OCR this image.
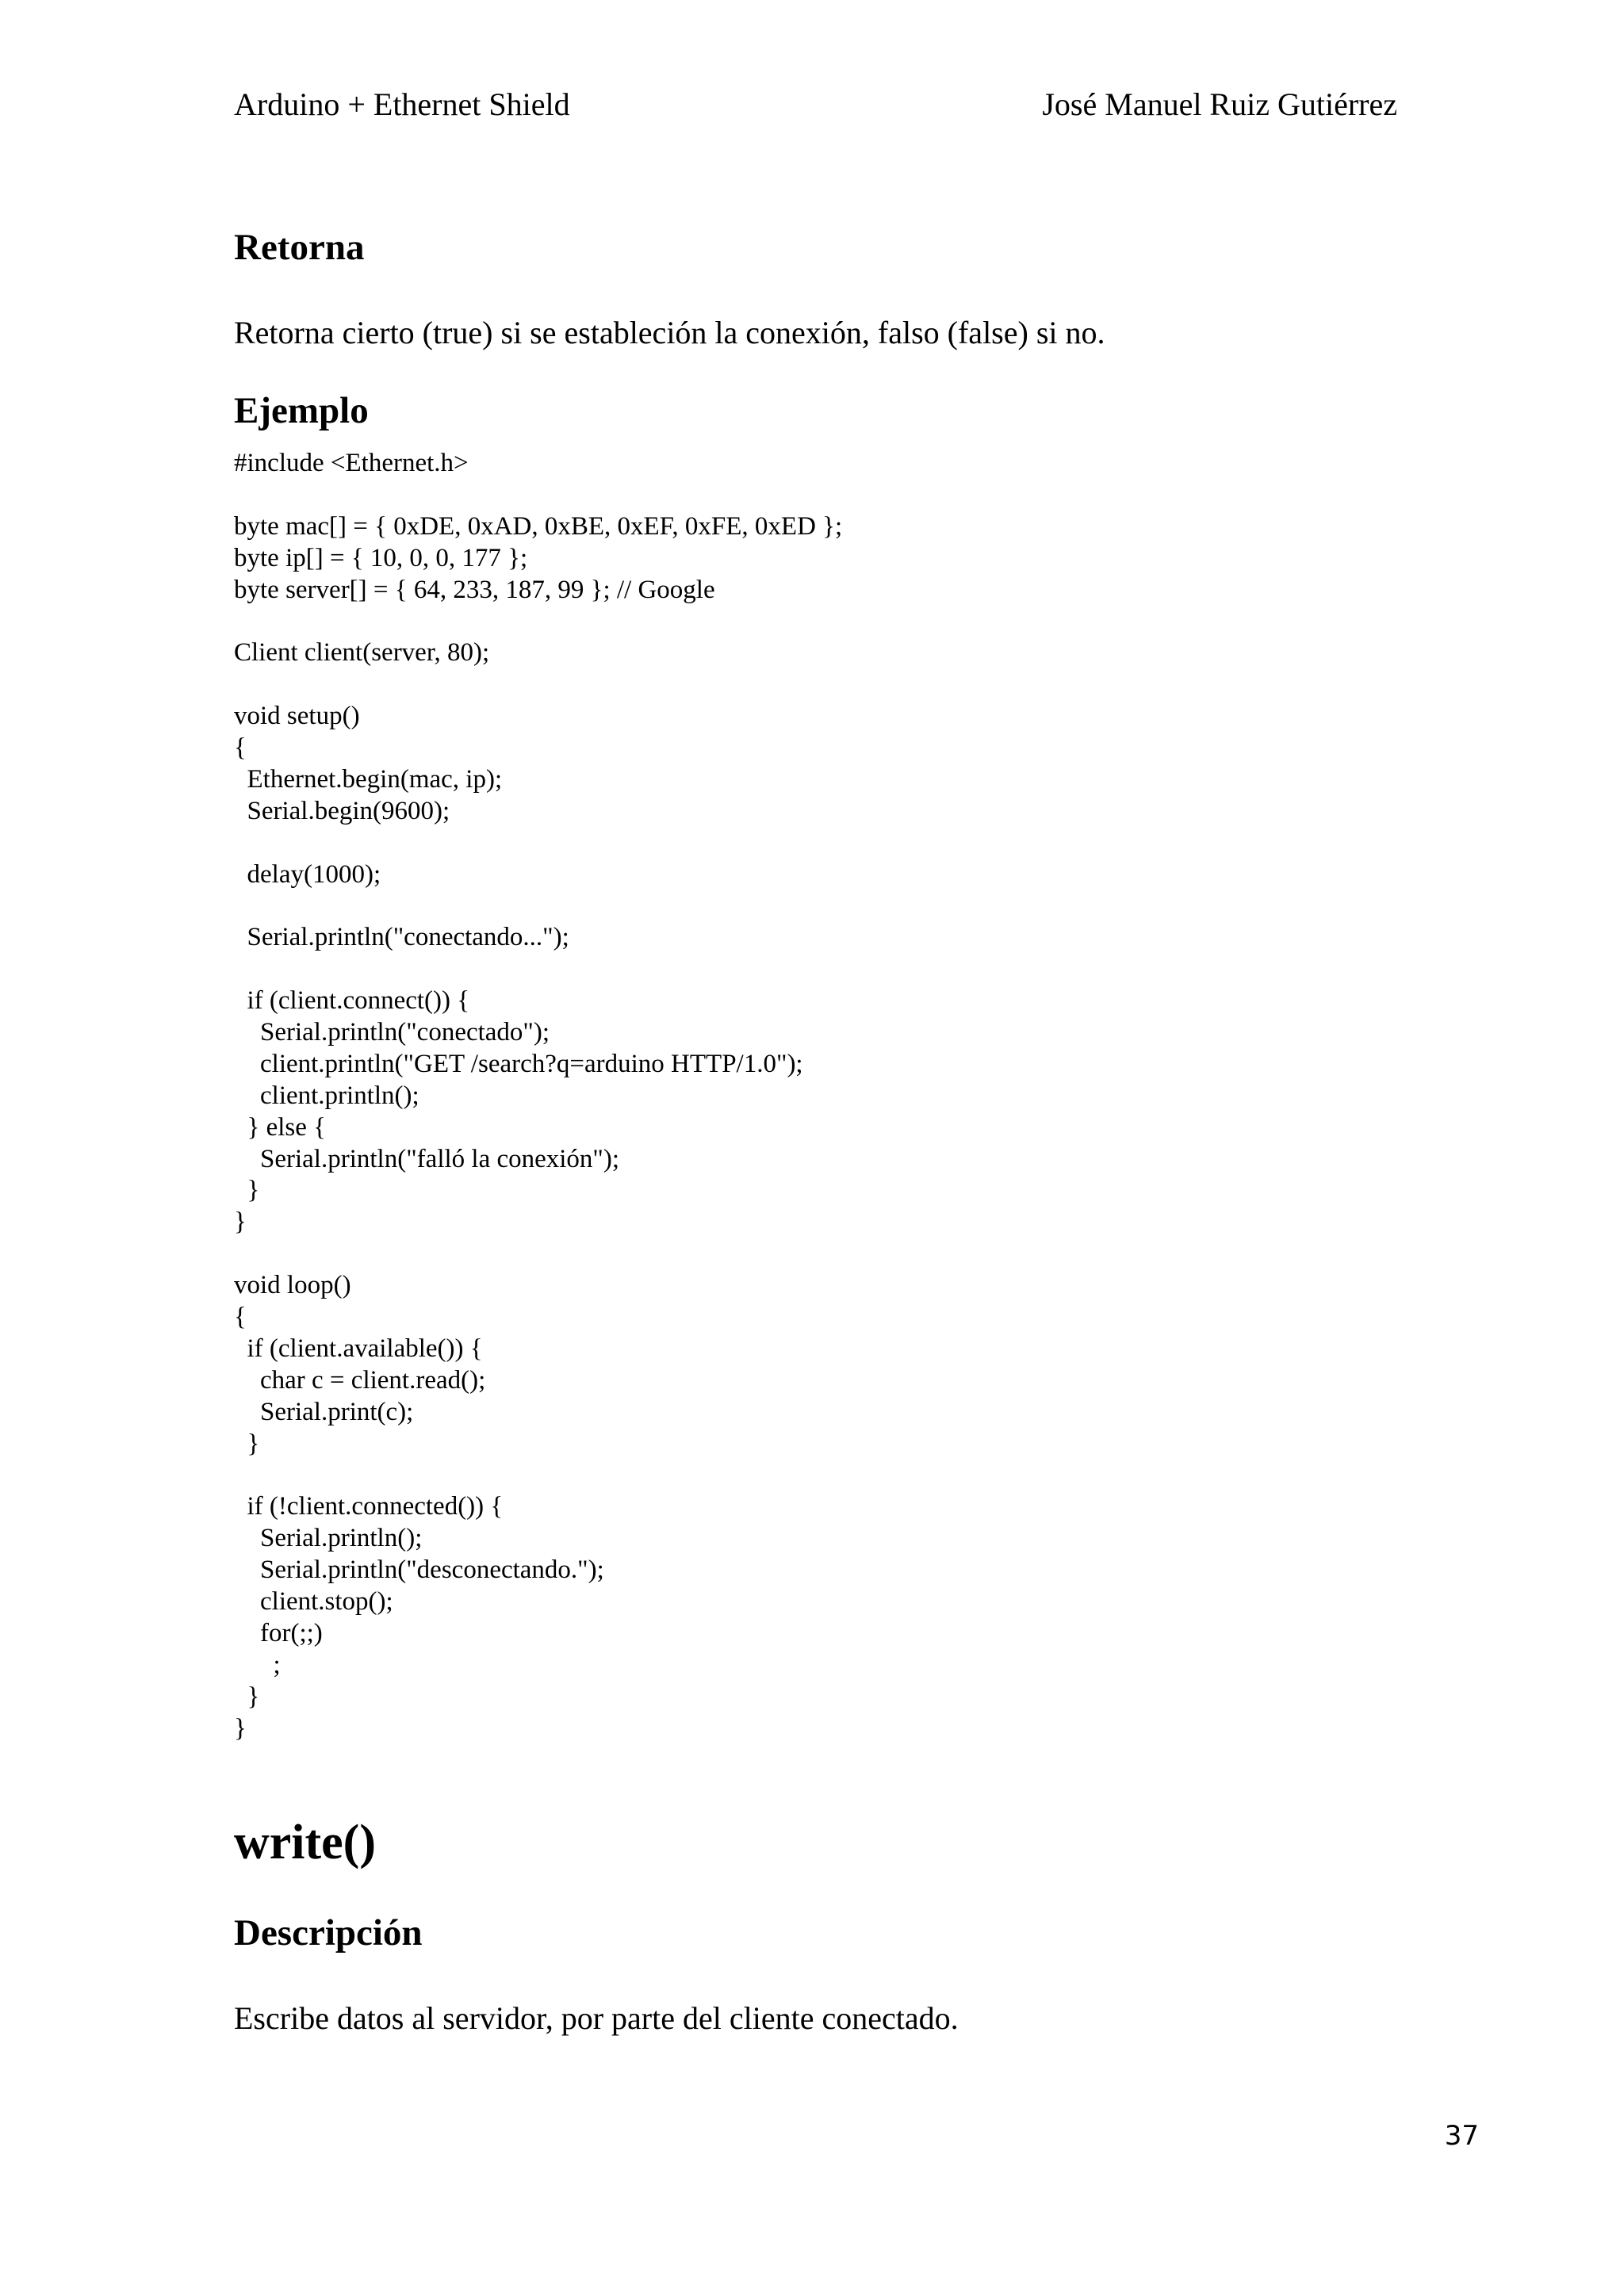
Arduino + Ethernet Shield	José Manuel Ruiz Gutiérrez
Retorna
Retorna cierto (true) si se estableción la conexión, falso (false) si no.
Ejemplo
#include <Ethernet.h>

byte mac[] = { 0xDE, 0xAD, 0xBE, 0xEF, 0xFE, 0xED };
byte ip[] = { 10, 0, 0, 177 };
byte server[] = { 64, 233, 187, 99 }; // Google

Client client(server, 80);

void setup()
{
Ethernet.begin(mac, ip);
Serial.begin(9600);

delay(1000);

Serial.println("conectando...");

if (client.connect()) {
Serial.println("conectado");
client.println("GET /search?q=arduino HTTP/1.0");
client.println();
} else {
Serial.println("falló la conexión");
}
}

void loop()
{
if (client.available()) {
char c = client.read();
Serial.print(c);
}

if (!client.connected()) {
Serial.println();
Serial.println("desconectando.");
client.stop();
for(;;)
;
}
}
write()
Descripción
Escribe datos al servidor, por parte del cliente conectado.
37
